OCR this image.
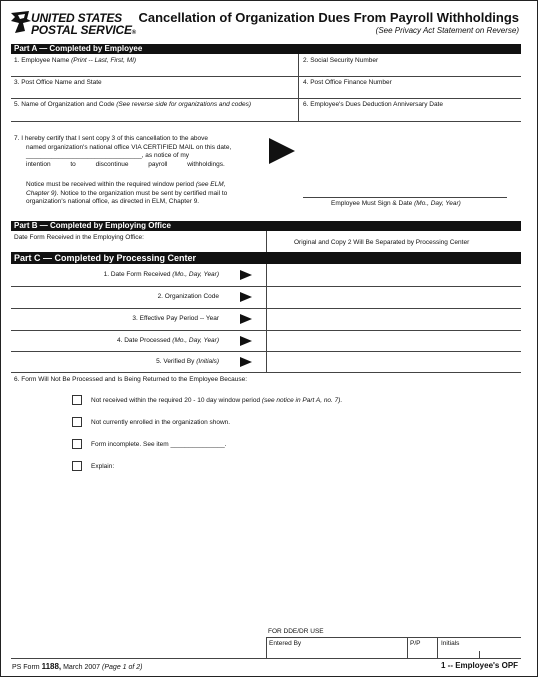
UNITED STATES
POSTAL SERVICE®
Cancellation of Organization Dues From Payroll Withholdings
(See Privacy Act Statement on Reverse)
Part A — Completed by Employee
1. Employee Name (Print -- Last, First, MI)	2. Social Security Number
3. Post Office Name and State	4. Post Office Finance Number
5. Name of Organization and Code (See reverse side for organizations and codes)	6. Employee's Dues Deduction Anniversary Date
7. I hereby certify that I sent copy 3 of this cancellation to the above
named organization's national office VIA CERTIFIED MAIL on this date,
________________________________, as notice of my
intention to discontinue payroll withholdings.
Notice must be received within the required window period (see ELM,
Chapter 9). Notice to the organization must be sent by certified mail to
organization's national office, as directed in ELM, Chapter 9.	Employee Must Sign & Date (Mo., Day, Year)
Part B — Completed by Employing Office
Date Form Received in the Employing Office:
Original and Copy 2 Will Be Separated by Processing Center
Part C — Completed by Processing Center
1. Date Form Received (Mo., Day, Year)
2. Organization Code
3. Effective Pay Period -- Year
4. Date Processed (Mo., Day, Year)
5. Verified By (Initials)
6. Form Will Not Be Processed and Is Being Returned to the Employee Because:
Not received within the required 20 - 10 day window period (see notice in Part A, no. 7).
Not currently enrolled in the organization shown.
Form incomplete. See item _______________.
Explain:
FOR DDE/DR USE
Entered By	P/P	Initials
PS Form 1188, March 2007 (Page 1 of 2)	1 -- Employee's OPF
